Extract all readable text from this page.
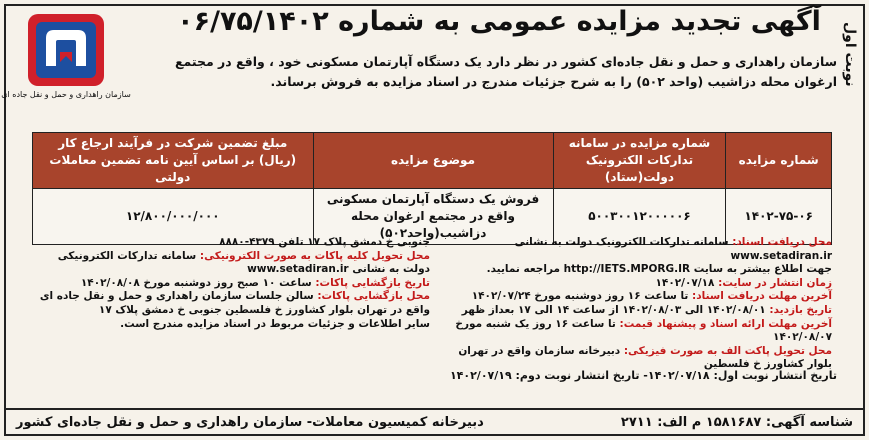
نوبت اول
آگهی تجدید مزایده عمومی به شماره ۰۶/۷۵/۱۴۰۲
سازمان راهداری و حمل و نقل جاده ای
سازمان راهداری و حمل و نقل جاده‌ای کشور در نظر دارد یک دستگاه آپارتمان مسکونی خود ، واقع در مجتمع ارغوان محله دزاشیب (واحد ۵۰۲) را به شرح جزئیات مندرج در اسناد مزایده به فروش برساند.
شماره مزایده	شماره مزایده در سامانه تدارکات الکترونیک دولت(ستاد)	موضوع مزایده	مبلغ تضمین شرکت در فرآیند ارجاع کار (ریال) بر اساس آیین نامه تضمین معاملات دولتی
۱۴۰۲-۷۵-۰۶	۵۰۰۳۰۰۱۲۰۰۰۰۰۶	فروش یک دستگاه آپارتمان مسکونی واقع در مجتمع ارغوان محله دزاشیب(واحد۵۰۲)	۱۲/۸۰۰/۰۰۰/۰۰۰
محل دریافت اسناد: سامانه تدارکات الکترونیک دولت به نشانی www.setadiran.ir
جهت اطلاع بیشتر به سایت http://IETS.MPORG.IR مراجعه نمایید.
زمان انتشار در سایت: ۱۴۰۲/۰۷/۱۸
آخرین مهلت دریافت اسناد: تا ساعت ۱۶ روز دوشنبه مورخ ۱۴۰۲/۰۷/۲۴
تاریخ بازدید: ۱۴۰۲/۰۸/۰۱ الی ۱۴۰۲/۰۸/۰۳ از ساعت ۱۴ الی ۱۷ بعداز ظهر
آخرین مهلت ارائه اسناد و پیشنهاد قیمت: تا ساعت ۱۶ روز یک شنبه مورخ ۱۴۰۲/۰۸/۰۷
محل تحویل پاکت الف به صورت فیزیکی: دبیرخانه سازمان واقع در تهران بلوار کشاورز خ فلسطین
جنوبی خ دمشق پلاک ۱۷ تلفن ۴۳۷۹-۸۸۸۰
محل تحویل کلیه پاکات به صورت الکترونیکی: سامانه تدارکات الکترونیکی دولت به نشانی www.setadiran.ir
تاریخ بازگشایی پاکات: ساعت ۱۰ صبح روز دوشنبه مورخ ۱۴۰۲/۰۸/۰۸
محل بازگشایی پاکات: سالن جلسات سازمان راهداری و حمل و نقل جاده ای واقع در تهران بلوار کشاورز خ فلسطین جنوبی خ دمشق پلاک ۱۷
سایر اطلاعات و جزئیات مربوط در اسناد مزایده مندرج است.
تاریخ انتشار نوبت اول: ۱۴۰۲/۰۷/۱۸- تاریخ انتشار نوبت دوم: ۱۴۰۲/۰۷/۱۹
شناسه آگهی: ۱۵۸۱۶۸۷ م الف: ۲۷۱۱
دبیرخانه کمیسیون معاملات- سازمان راهداری و حمل و نقل جاده‌ای کشور
